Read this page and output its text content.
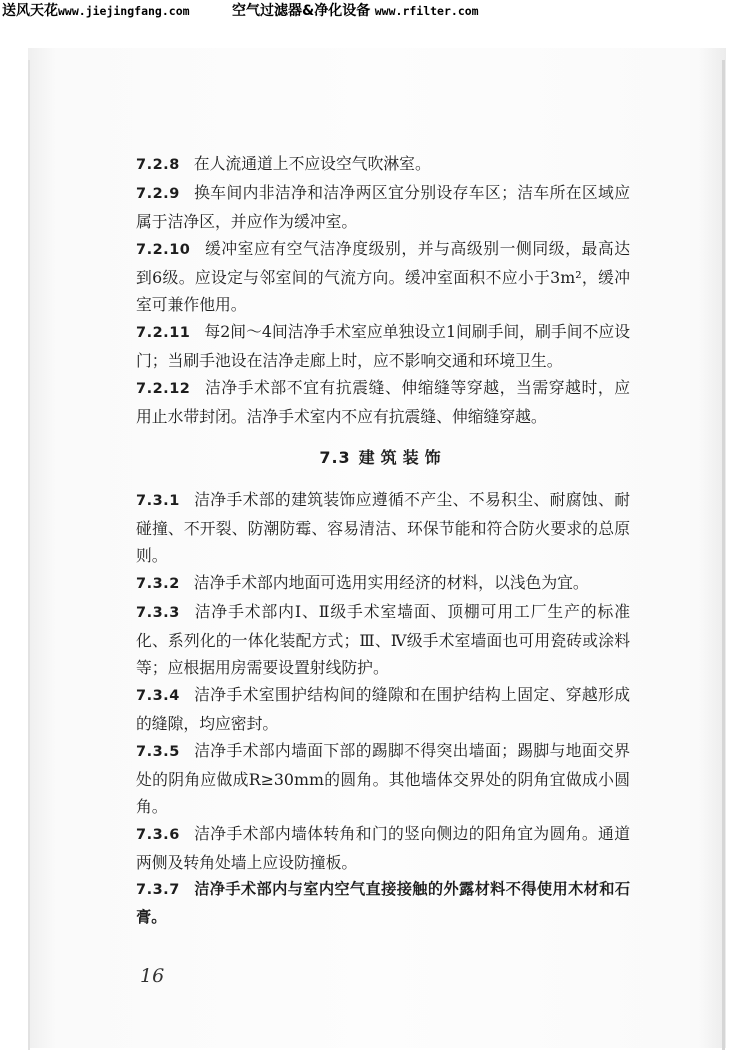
送风天花www.jiejingfang.com	空气过滤器&净化设备 www.rfilter.com

7.2.8 在人流通道上不应设空气吹淋室。

7.2.9 换车间内非洁净和洁净两区宜分别设存车区；洁车所在区域应属于洁净区，并应作为缓冲室。

7.2.10 缓冲室应有空气洁净度级别，并与高级别一侧同级，最高达到6级。应设定与邻室间的气流方向。缓冲室面积不应小于3m²，缓冲室可兼作他用。

7.2.11 每2间～4间洁净手术室应单独设立1间刷手间，刷手间不应设门；当刷手池设在洁净走廊上时，应不影响交通和环境卫生。

7.2.12 洁净手术部不宜有抗震缝、伸缩缝等穿越，当需穿越时，应用止水带封闭。洁净手术室内不应有抗震缝、伸缩缝穿越。

7.3 建筑装饰

7.3.1 洁净手术部的建筑装饰应遵循不产尘、不易积尘、耐腐蚀、耐碰撞、不开裂、防潮防霉、容易清洁、环保节能和符合防火要求的总原则。

7.3.2 洁净手术部内地面可选用实用经济的材料，以浅色为宜。

7.3.3 洁净手术部内Ⅰ、Ⅱ级手术室墙面、顶棚可用工厂生产的标准化、系列化的一体化装配方式；Ⅲ、Ⅳ级手术室墙面也可用瓷砖或涂料等；应根据用房需要设置射线防护。

7.3.4 洁净手术室围护结构间的缝隙和在围护结构上固定、穿越形成的缝隙，均应密封。

7.3.5 洁净手术部内墙面下部的踢脚不得突出墙面；踢脚与地面交界处的阴角应做成R≥30mm的圆角。其他墙体交界处的阴角宜做成小圆角。

7.3.6 洁净手术部内墙体转角和门的竖向侧边的阳角宜为圆角。通道两侧及转角处墙上应设防撞板。

7.3.7 洁净手术部内与室内空气直接接触的外露材料不得使用木材和石膏。

16
